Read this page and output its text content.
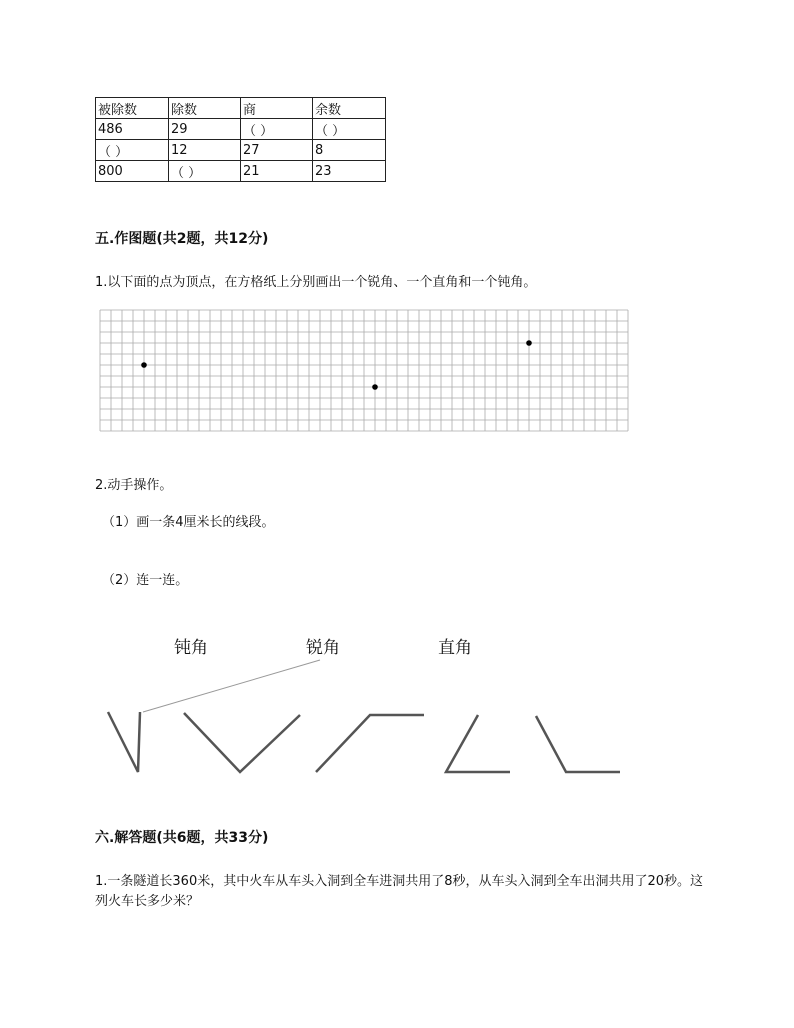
被除数	除数	商	余数
486	29	（ ）	（ ）
（ ）	12	27	8
800	（ ）	21	23
五.作图题(共2题，共12分)
1.以下面的点为顶点，在方格纸上分别画出一个锐角、一个直角和一个钝角。
2.动手操作。
（1）画一条4厘米长的线段。
（2）连一连。
钝角	锐角	直角
六.解答题(共6题，共33分)
1.一条隧道长360米，其中火车从车头入洞到全车进洞共用了8秒，从车头入洞到全车出洞共用了20秒。这列火车长多少米？
